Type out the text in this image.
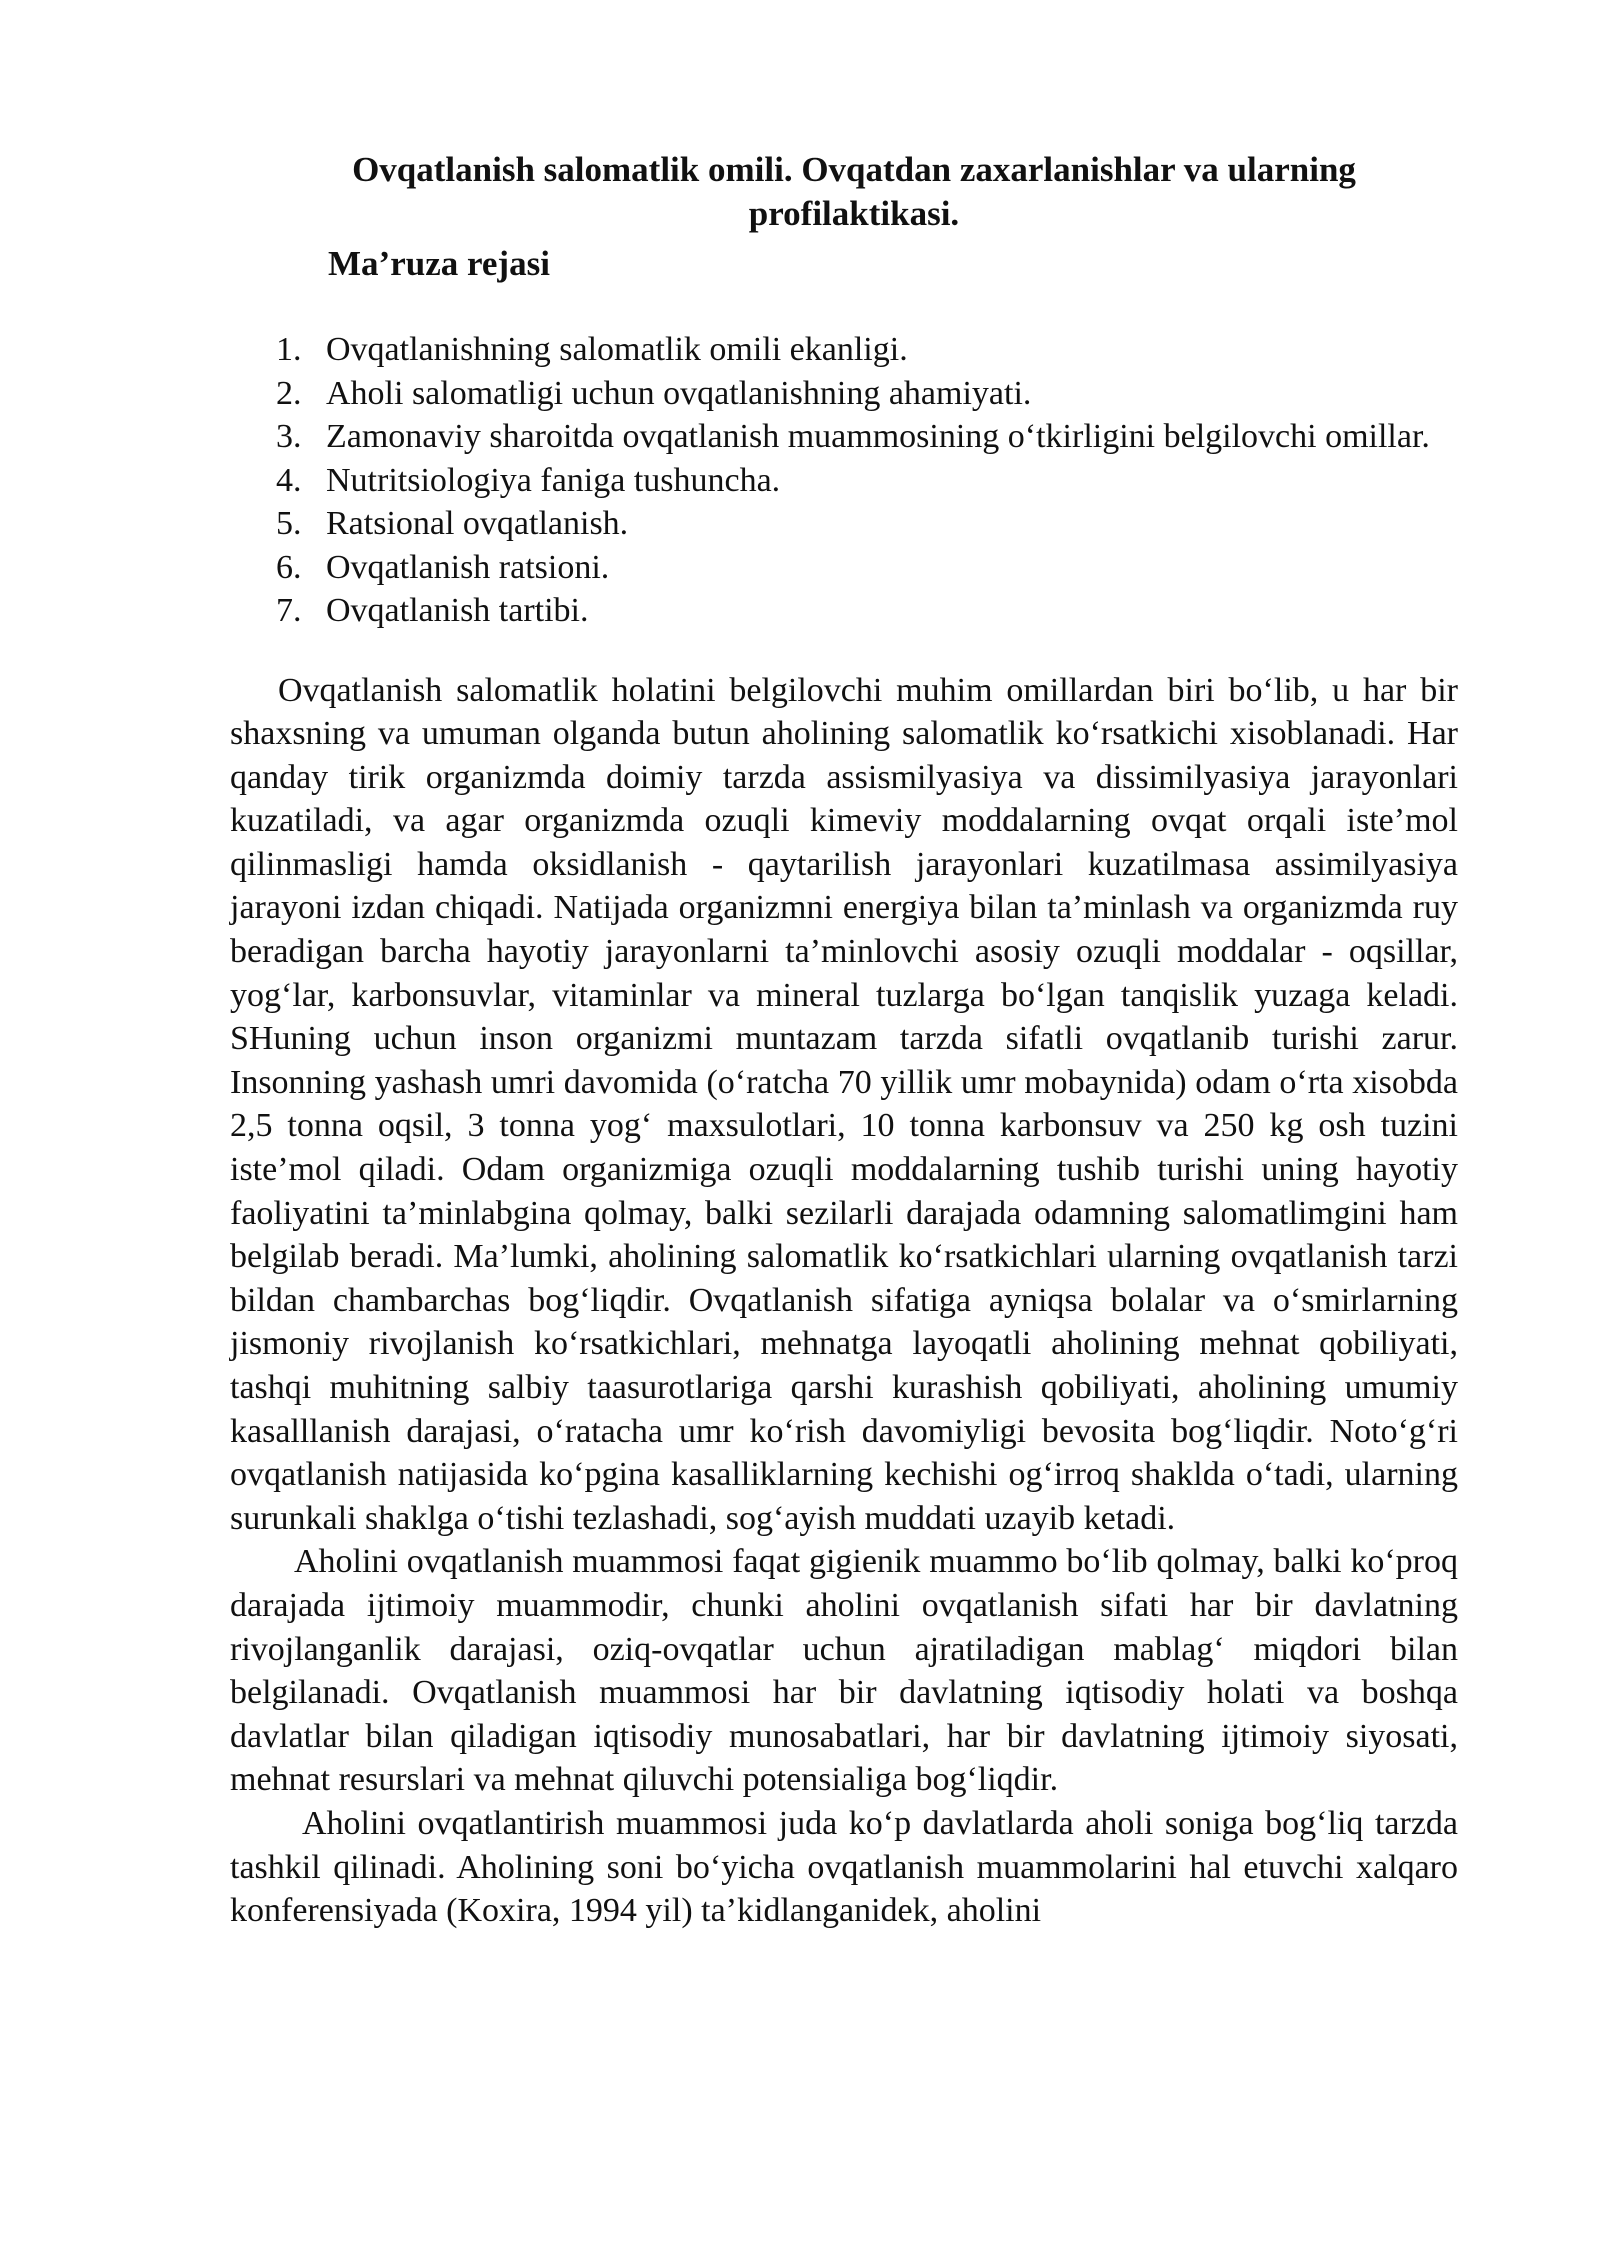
Ovqatlanish salomatlik omili. Ovqatdan zaxarlanishlar va ularning profilaktikasi.
Ma’ruza rejasi
1. Ovqatlanishning salomatlik omili ekanligi.
2. Aholi salomatligi uchun ovqatlanishning ahamiyati.
3. Zamonaviy sharoitda ovqatlanish muammosining o‘tkirligini belgilovchi omillar.
4. Nutritsiologiya faniga tushuncha.
5. Ratsional ovqatlanish.
6. Ovqatlanish ratsioni.
7. Ovqatlanish tartibi.

Ovqatlanish salomatlik holatini belgilovchi muhim omillardan biri bo‘lib, u har bir shaxsning va umuman olganda butun aholining salomatlik ko‘rsatkichi xisoblanadi. Har qanday tirik organizmda doimiy tarzda assismilyasiya va dissimilyasiya jarayonlari kuzatiladi, va agar organizmda ozuqli kimeviy moddalarning ovqat orqali iste’mol qilinmasligi hamda oksidlanish - qaytarilish jarayonlari kuzatilmasa assimilyasiya jarayoni izdan chiqadi. Natijada organizmni energiya bilan ta’minlash va organizmda ruy beradigan barcha hayotiy jarayonlarni ta’minlovchi asosiy ozuqli moddalar - oqsillar, yog‘lar, karbonsuvlar, vitaminlar va mineral tuzlarga bo‘lgan tanqislik yuzaga keladi. SHuning uchun inson organizmi muntazam tarzda sifatli ovqatlanib turishi zarur. Insonning yashash umri davomida (o‘ratcha 70 yillik umr mobaynida) odam o‘rta xisobda 2,5 tonna oqsil, 3 tonna yog‘ maxsulotlari, 10 tonna karbonsuv va 250 kg osh tuzini iste’mol qiladi. Odam organizmiga ozuqli moddalarning tushib turishi uning hayotiy faoliyatini ta’minlabgina qolmay, balki sezilarli darajada odamning salomatlimgini ham belgilab beradi. Ma’lumki, aholining salomatlik ko‘rsatkichlari ularning ovqatlanish tarzi bildan chambarchas bog‘liqdir. Ovqatlanish sifatiga ayniqsa bolalar va o‘smirlarning jismoniy rivojlanish ko‘rsatkichlari, mehnatga layoqatli aholining mehnat qobiliyati, tashqi muhitning salbiy taasurotlariga qarshi kurashish qobiliyati, aholining umumiy kasalllanish darajasi, o‘ratacha umr ko‘rish davomiyligi bevosita bog‘liqdir. Noto‘g‘ri ovqatlanish natijasida ko‘pgina kasalliklarning kechishi og‘irroq shakldа o‘tadi, ularning surunkali shaklga o‘tishi tezlashadi, sog‘ayish muddati uzayib ketadi.

Aholini ovqatlanish muammosi faqat gigienik muammo bo‘lib qolmay, balki ko‘proq darajada ijtimoiy muammodir, chunki aholini ovqatlanish sifati har bir davlatning rivojlanganlik darajasi, oziq-ovqatlar uchun ajratiladigan mablag‘ miqdori bilan belgilanadi. Ovqatlanish muammosi har bir davlatning iqtisodiy holati va boshqa davlatlar bilan qiladigan iqtisodiy munosabatlari, har bir davlatning ijtimoiy siyosati, mehnat resurslari va mehnat qiluvchi potensialiga bog‘liqdir.

Aholini ovqatlantirish muammosi juda ko‘p davlatlarda aholi soniga bog‘liq tarzda tashkil qilinadi. Aholining soni bo‘yicha ovqatlanish muammolarini hal etuvchi xalqaro konferensiyada (Koxira, 1994 yil) ta’kidlanganidek, aholini
